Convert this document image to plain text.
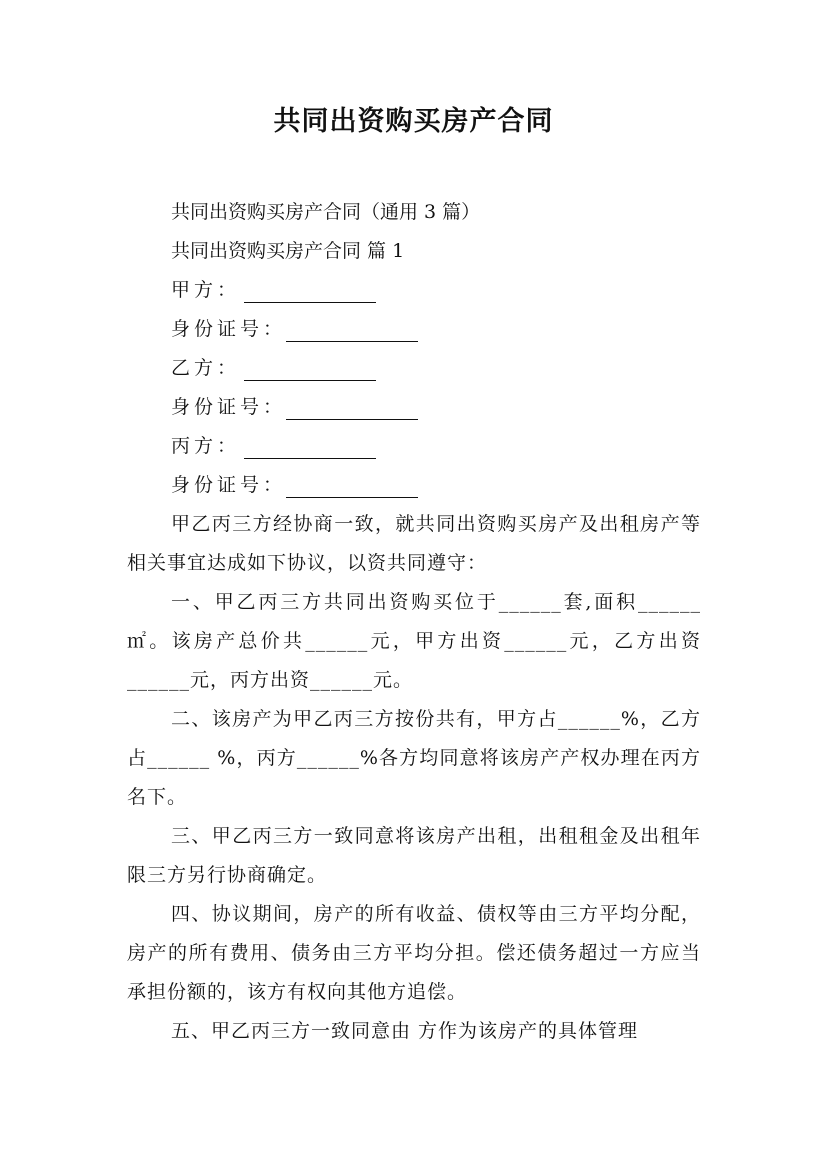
共同出资购买房产合同
共同出资购买房产合同（通用 3 篇）
共同出资购买房产合同 篇 1
甲方：
身份证号：
乙方：
身份证号：
丙方：
身份证号：

甲乙丙三方经协商一致，就共同出资购买房产及出租房产等相关事宜达成如下协议，以资共同遵守：

一、甲乙丙三方共同出资购买位于______套,面积______㎡。该房产总价共______元，甲方出资______元，乙方出资______元，丙方出资______元。

二、该房产为甲乙丙三方按份共有，甲方占______%，乙方占______ %，丙方______%各方均同意将该房产产权办理在丙方名下。

三、甲乙丙三方一致同意将该房产出租，出租租金及出租年限三方另行协商确定。

四、协议期间，房产的所有收益、债权等由三方平均分配，房产的所有费用、债务由三方平均分担。偿还债务超过一方应当承担份额的，该方有权向其他方追偿。

五、甲乙丙三方一致同意由 方作为该房产的具体管理
